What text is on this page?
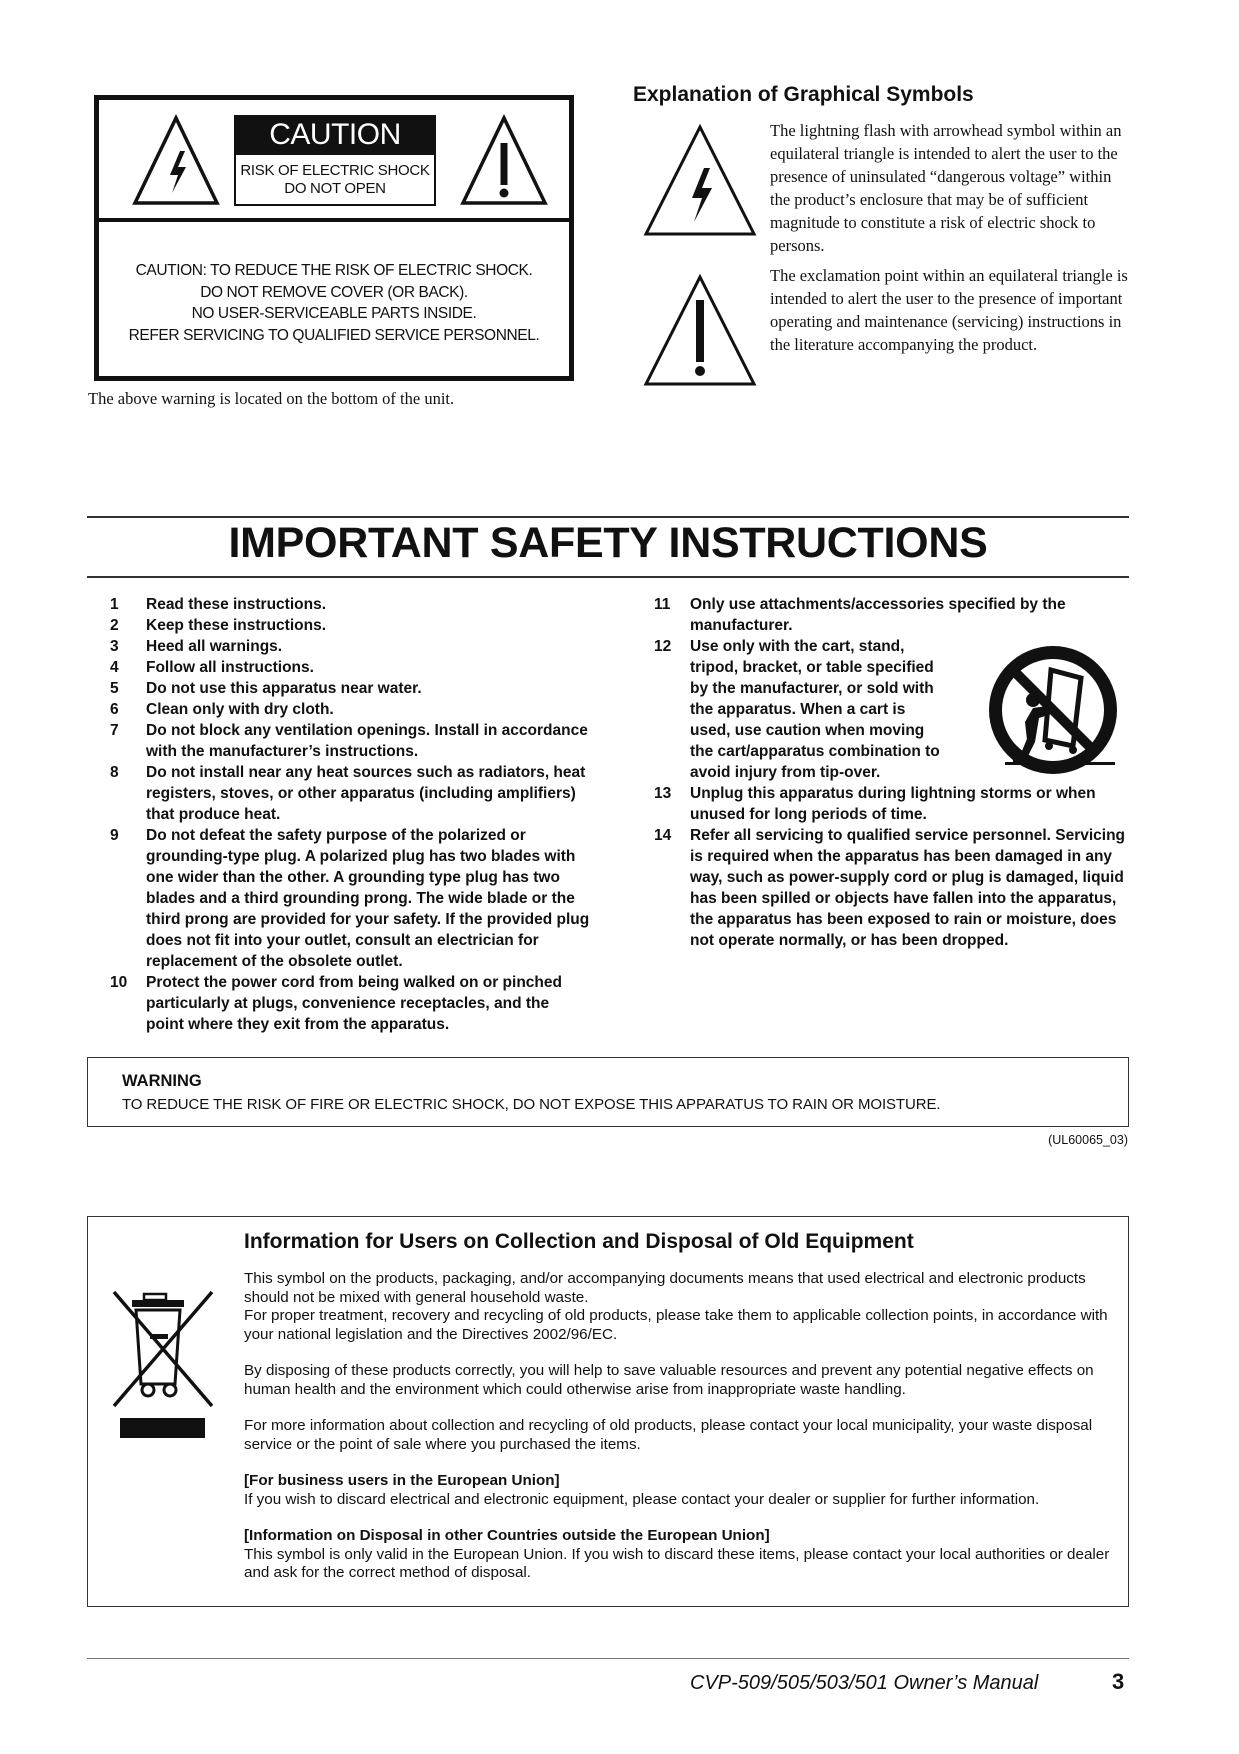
CAUTION
RISK OF ELECTRIC SHOCK
DO NOT OPEN
CAUTION: TO REDUCE THE RISK OF ELECTRIC SHOCK.
DO NOT REMOVE COVER (OR BACK).
NO USER-SERVICEABLE PARTS INSIDE.
REFER SERVICING TO QUALIFIED SERVICE PERSONNEL.
The above warning is located on the bottom of the unit.
Explanation of Graphical Symbols
The lightning flash with arrowhead symbol within an equilateral triangle is intended to alert the user to the presence of uninsulated “dangerous voltage” within the product’s enclosure that may be of sufficient magnitude to constitute a risk of electric shock to persons.
The exclamation point within an equilateral triangle is intended to alert the user to the presence of important operating and maintenance (servicing) instructions in the literature accompanying the product.
IMPORTANT SAFETY INSTRUCTIONS
1	Read these instructions.
2	Keep these instructions.
3	Heed all warnings.
4	Follow all instructions.
5	Do not use this apparatus near water.
6	Clean only with dry cloth.
7	Do not block any ventilation openings. Install in accordance with the manufacturer’s instructions.
8	Do not install near any heat sources such as radiators, heat registers, stoves, or other apparatus (including amplifiers) that produce heat.
9	Do not defeat the safety purpose of the polarized or grounding-type plug. A polarized plug has two blades with one wider than the other. A grounding type plug has two blades and a third grounding prong. The wide blade or the third prong are provided for your safety. If the provided plug does not fit into your outlet, consult an electrician for replacement of the obsolete outlet.
10	Protect the power cord from being walked on or pinched particularly at plugs, convenience receptacles, and the point where they exit from the apparatus.
11	Only use attachments/accessories specified by the manufacturer.
12	Use only with the cart, stand, tripod, bracket, or table specified by the manufacturer, or sold with the apparatus. When a cart is used, use caution when moving the cart/apparatus combination to avoid injury from tip-over.
13	Unplug this apparatus during lightning storms or when unused for long periods of time.
14	Refer all servicing to qualified service personnel. Servicing is required when the apparatus has been damaged in any way, such as power-supply cord or plug is damaged, liquid has been spilled or objects have fallen into the apparatus, the apparatus has been exposed to rain or moisture, does not operate normally, or has been dropped.
WARNING
TO REDUCE THE RISK OF FIRE OR ELECTRIC SHOCK, DO NOT EXPOSE THIS APPARATUS TO RAIN OR MOISTURE.
(UL60065_03)
Information for Users on Collection and Disposal of Old Equipment

This symbol on the products, packaging, and/or accompanying documents means that used electrical and electronic products should not be mixed with general household waste.
For proper treatment, recovery and recycling of old products, please take them to applicable collection points, in accordance with your national legislation and the Directives 2002/96/EC.

By disposing of these products correctly, you will help to save valuable resources and prevent any potential negative effects on human health and the environment which could otherwise arise from inappropriate waste handling.

For more information about collection and recycling of old products, please contact your local municipality, your waste disposal service or the point of sale where you purchased the items.

[For business users in the European Union]
If you wish to discard electrical and electronic equipment, please contact your dealer or supplier for further information.

[Information on Disposal in other Countries outside the European Union]
This symbol is only valid in the European Union. If you wish to discard these items, please contact your local authorities or dealer and ask for the correct method of disposal.

CVP-509/505/503/501 Owner’s Manual	3
